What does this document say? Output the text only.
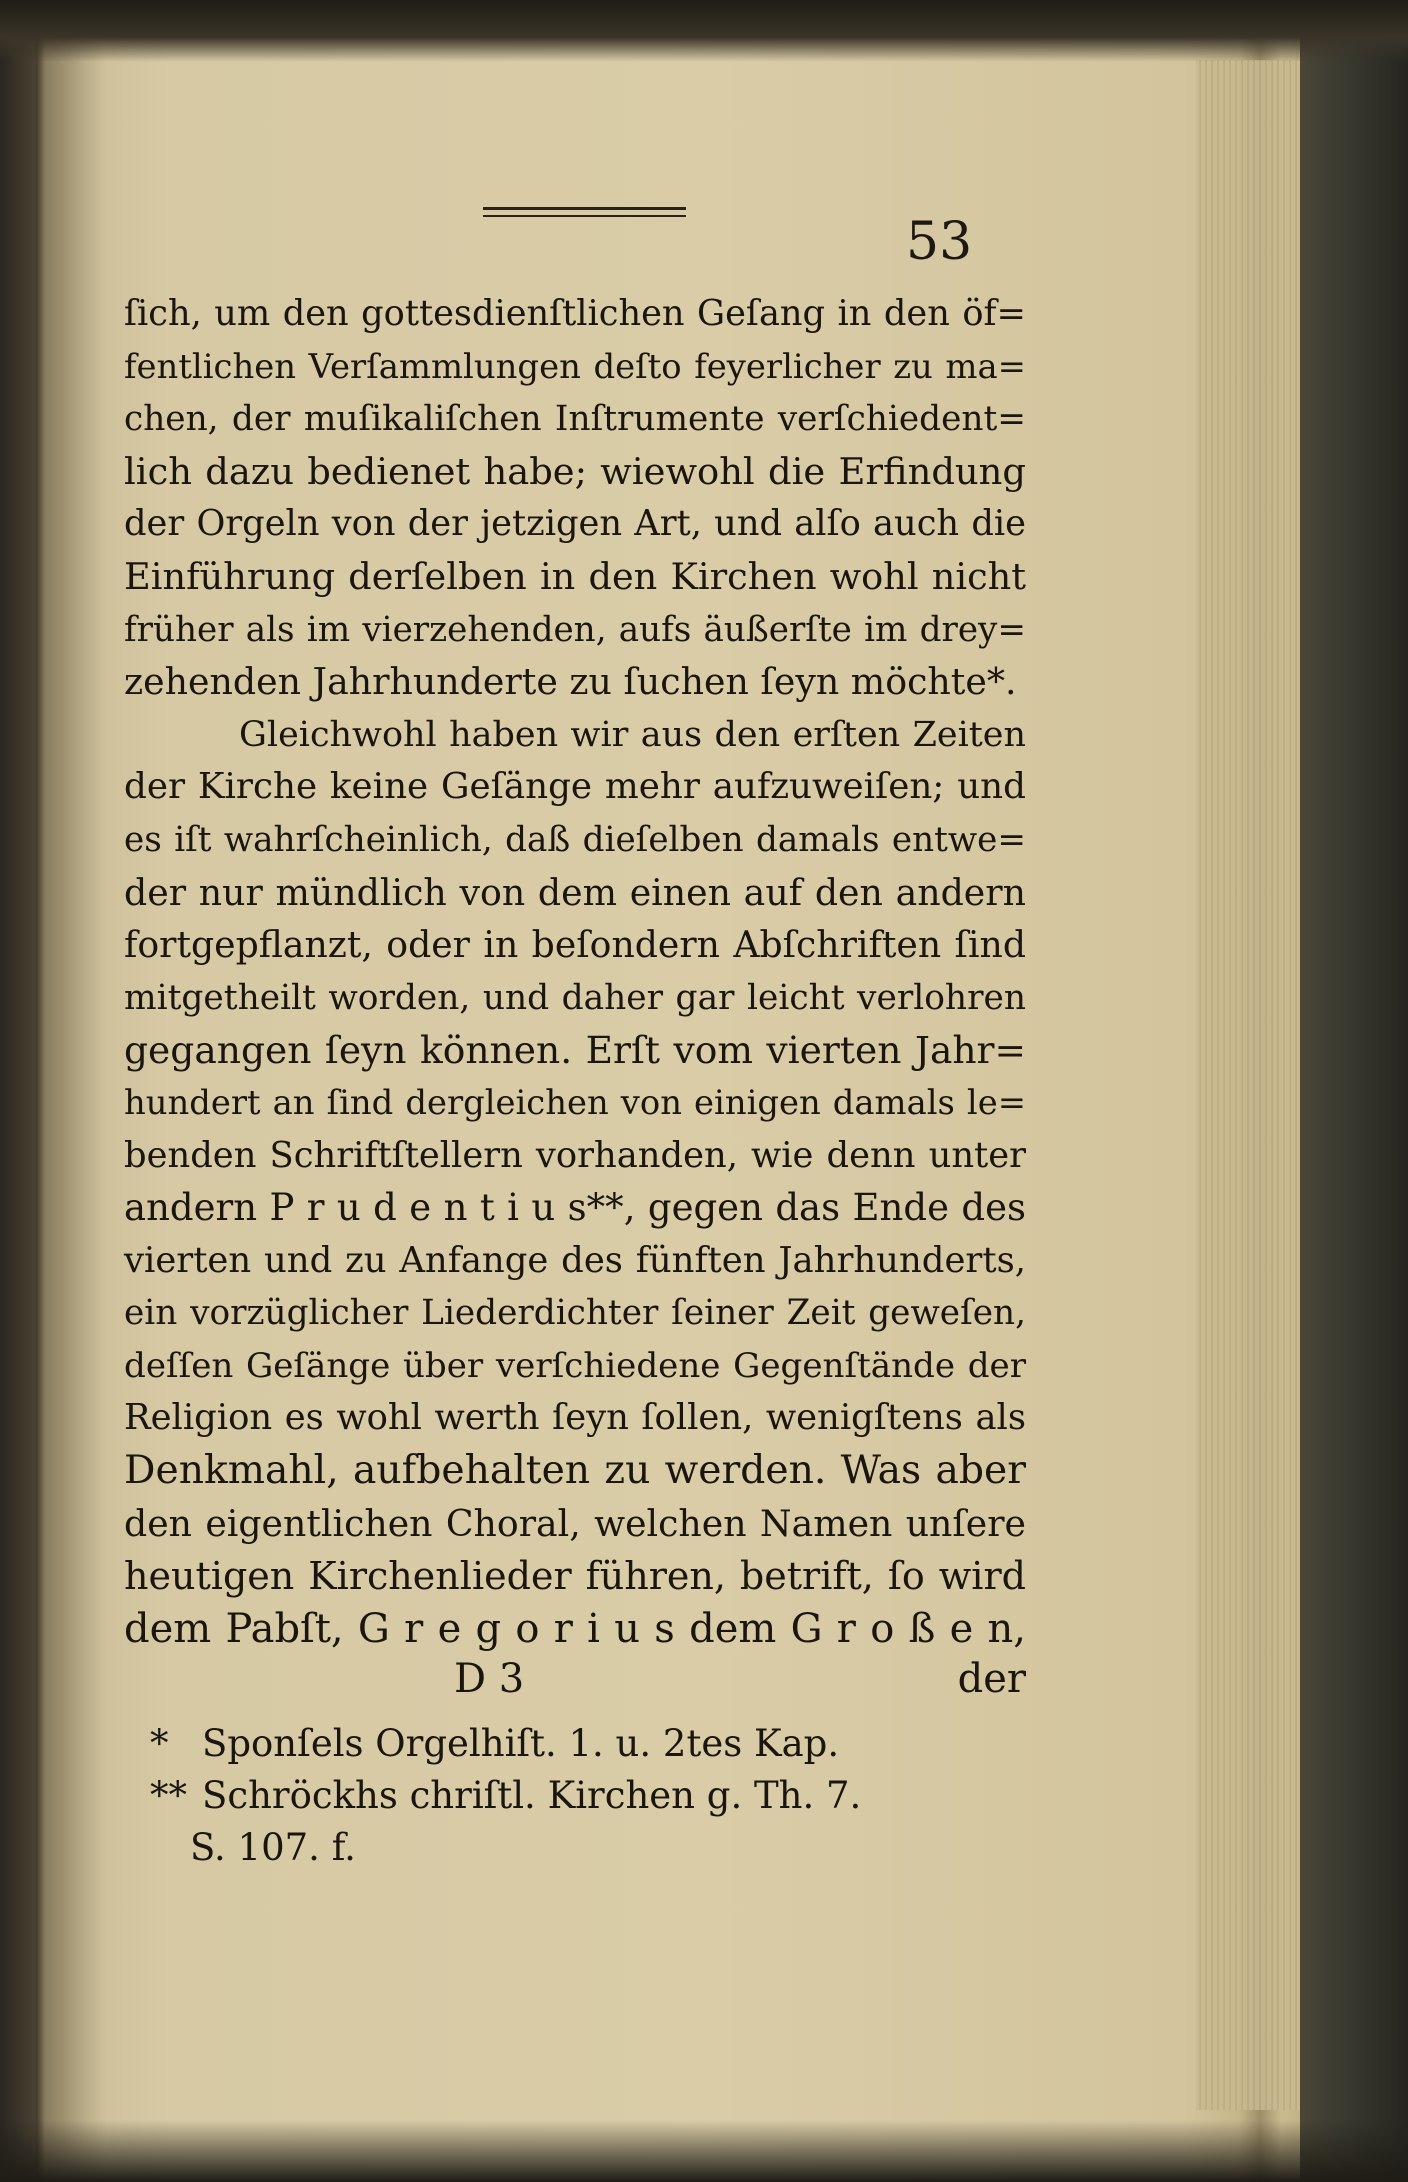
53
ſich, um den gottesdienſtlichen Geſang in den öf=
fentlichen Verſammlungen deſto feyerlicher zu ma=
chen, der muſikaliſchen Inſtrumente verſchiedent=
lich dazu bedienet habe; wiewohl die Erfindung
der Orgeln von der jetzigen Art, und alſo auch die
Einführung derſelben in den Kirchen wohl nicht
früher als im vierzehenden, aufs äußerſte im drey=
zehenden Jahrhunderte zu ſuchen ſeyn möchte*.
Gleichwohl haben wir aus den erſten Zeiten
der Kirche keine Geſänge mehr aufzuweiſen; und
es iſt wahrſcheinlich, daß dieſelben damals entwe=
der nur mündlich von dem einen auf den andern
fortgepflanzt, oder in beſondern Abſchriften ſind
mitgetheilt worden, und daher gar leicht verlohren
gegangen ſeyn können. Erſt vom vierten Jahr=
hundert an ſind dergleichen von einigen damals le=
benden Schriftſtellern vorhanden, wie denn unter
andern P r u d e n t i u s**, gegen das Ende des
vierten und zu Anfange des fünften Jahrhunderts,
ein vorzüglicher Liederdichter ſeiner Zeit geweſen,
deſſen Geſänge über verſchiedene Gegenſtände der
Religion es wohl werth ſeyn ſollen, wenigſtens als
Denkmahl, aufbehalten zu werden. Was aber
den eigentlichen Choral, welchen Namen unſere
heutigen Kirchenlieder führen, betrift, ſo wird
dem Pabſt, G r e g o r i u s dem G r o ß e n,
D 3	der
* Sponſels Orgelhiſt. 1. u. 2tes Kap.
** Schröckhs chriſtl. Kirchen g. Th. 7.
S. 107. f.
